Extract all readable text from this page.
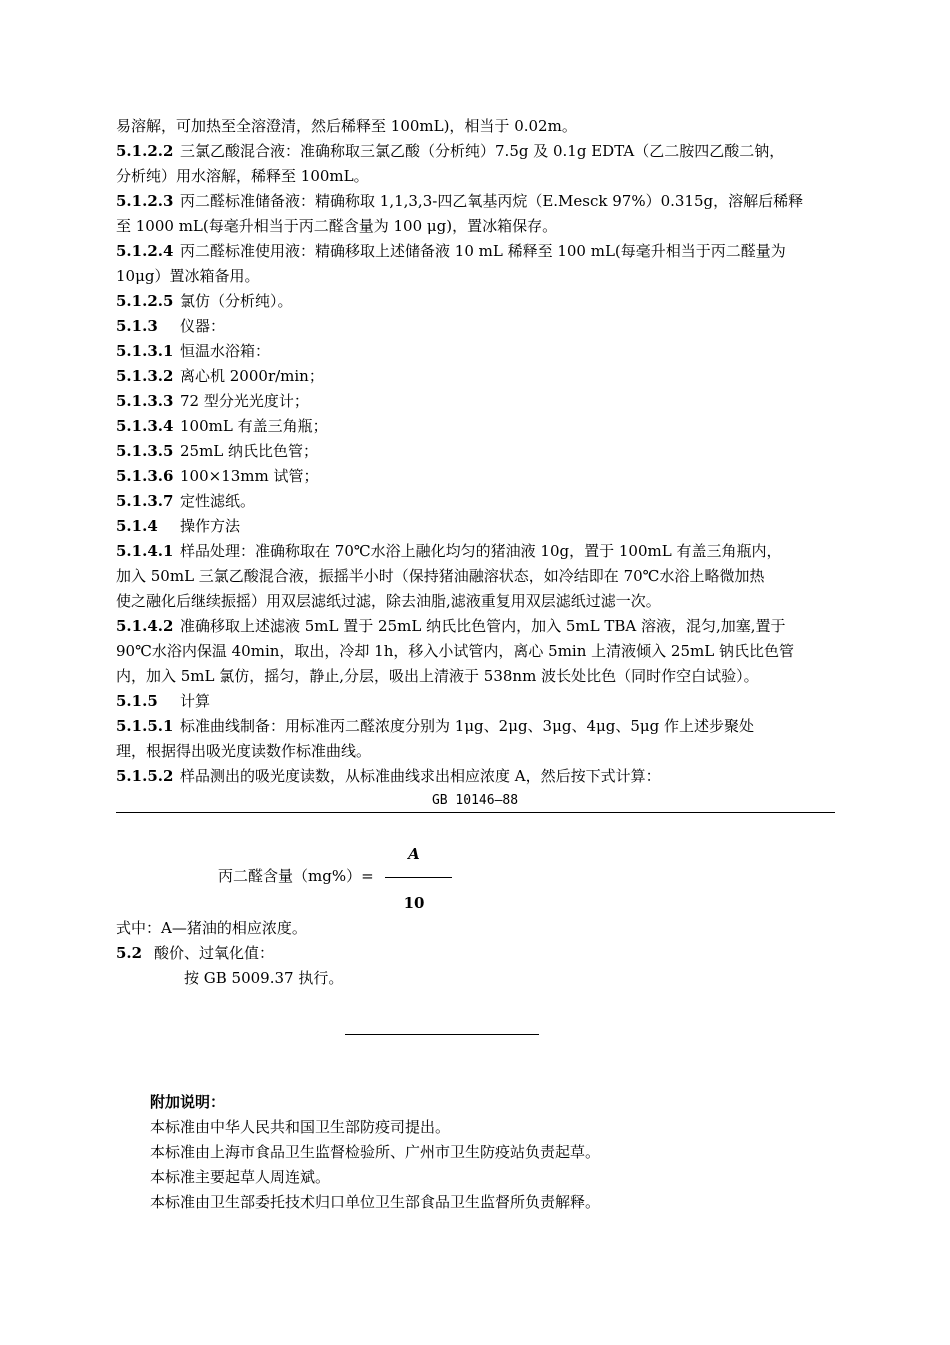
易溶解，可加热至全溶澄清，然后稀释至 100mL)，相当于 0.02m。
5.1.2.2 三氯乙酸混合液：准确称取三氯乙酸（分析纯）7.5g 及 0.1g EDTA（乙二胺四乙酸二钠，
分析纯）用水溶解，稀释至 100mL。
5.1.2.3 丙二醛标准储备液：精确称取 1,1,3,3-四乙氧基丙烷（E.Mesck 97%）0.315g，溶解后稀释
至 1000 mL(每毫升相当于丙二醛含量为 100 μg)，置冰箱保存。
5.1.2.4 丙二醛标准使用液：精确移取上述储备液 10 mL 稀释至 100 mL(每毫升相当于丙二醛量为
10μg）置冰箱备用。
5.1.2.5 氯仿（分析纯）。
5.1.3 仪器：
5.1.3.1 恒温水浴箱：
5.1.3.2 离心机 2000r/min；
5.1.3.3 72 型分光光度计；
5.1.3.4 100mL 有盖三角瓶；
5.1.3.5 25mL 纳氏比色管；
5.1.3.6 100×13mm 试管；
5.1.3.7 定性滤纸。
5.1.4 操作方法
5.1.4.1 样品处理：准确称取在 70℃水浴上融化均匀的猪油液 10g，置于 100mL 有盖三角瓶内，
加入 50mL 三氯乙酸混合液，振摇半小时（保持猪油融溶状态，如冷结即在 70℃水浴上略微加热
使之融化后继续振摇）用双层滤纸过滤，除去油脂,滤液重复用双层滤纸过滤一次。
5.1.4.2 准确移取上述滤液 5mL 置于 25mL 纳氏比色管内，加入 5mL TBA 溶液，混匀,加塞,置于
90℃水浴内保温 40min，取出，冷却 1h，移入小试管内，离心 5min 上清液倾入 25mL 钠氏比色管
内，加入 5mL 氯仿，摇匀，静止,分层，吸出上清液于 538nm 波长处比色（同时作空白试验）。
5.1.5 计算
5.1.5.1 标准曲线制备：用标准丙二醛浓度分别为 1μg、2μg、3μg、4μg、5μg 作上述步聚处
理，根据得出吸光度读数作标准曲线。
5.1.5.2 样品测出的吸光度读数，从标准曲线求出相应浓度 A，然后按下式计算：
GB 10146—88
丙二醛含量（mg%）=
A
10
式中：A—猪油的相应浓度。
5.2 酸价、过氧化值：
按 GB 5009.37 执行。
附加说明：
本标准由中华人民共和国卫生部防疫司提出。
本标准由上海市食品卫生监督检验所、广州市卫生防疫站负责起草。
本标准主要起草人周连斌。
本标准由卫生部委托技术归口单位卫生部食品卫生监督所负责解释。
